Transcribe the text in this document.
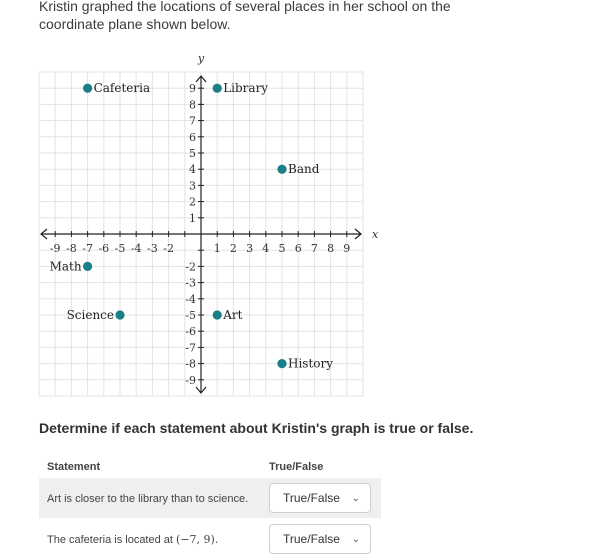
Kristin graphed the locations of several places in her school on the coordinate plane shown below.
-9 -8 -7 -6 -5 -4 -3 -2	1 2 3 4 5 6 7 8 9
9
8
7
6
5
4
3
2
1
-2
-3
-4
-5
-6
-7
-8
-9
x
y
Cafeteria	Library
Band
Math
Science	Art
History
Determine if each statement about Kristin's graph is true or false.
Statement	True/False
Art is closer to the library than to science.	True/False ⌄
The cafeteria is located at (−7, 9).	True/False ⌄
